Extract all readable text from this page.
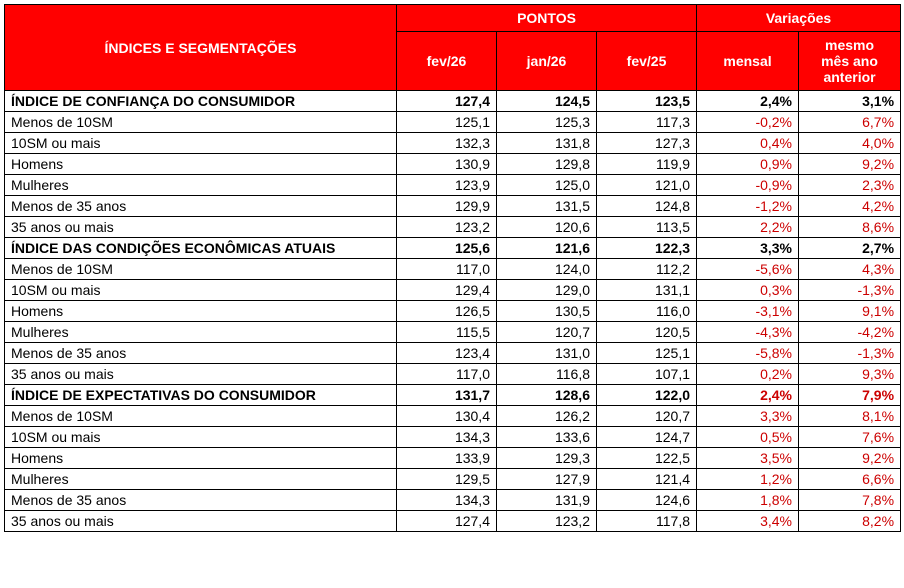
ÍNDICES E SEGMENTAÇÕES	PONTOS			Variações	
	fev/26	jan/26	fev/25	mensal	mesmo
mês ano
anterior

ÍNDICE DE CONFIANÇA DO CONSUMIDOR	127,4	124,5	123,5	2,4%	3,1%
Menos de 10SM	125,1	125,3	117,3	-0,2%	6,7%
10SM ou mais	132,3	131,8	127,3	0,4%	4,0%
Homens	130,9	129,8	119,9	0,9%	9,2%
Mulheres	123,9	125,0	121,0	-0,9%	2,3%
Menos de 35 anos	129,9	131,5	124,8	-1,2%	4,2%
35 anos ou mais	123,2	120,6	113,5	2,2%	8,6%
ÍNDICE DAS CONDIÇÕES ECONÔMICAS ATUAIS	125,6	121,6	122,3	3,3%	2,7%
Menos de 10SM	117,0	124,0	112,2	-5,6%	4,3%
10SM ou mais	129,4	129,0	131,1	0,3%	-1,3%
Homens	126,5	130,5	116,0	-3,1%	9,1%
Mulheres	115,5	120,7	120,5	-4,3%	-4,2%
Menos de 35 anos	123,4	131,0	125,1	-5,8%	-1,3%
35 anos ou mais	117,0	116,8	107,1	0,2%	9,3%
ÍNDICE DE EXPECTATIVAS DO CONSUMIDOR	131,7	128,6	122,0	2,4%	7,9%
Menos de 10SM	130,4	126,2	120,7	3,3%	8,1%
10SM ou mais	134,3	133,6	124,7	0,5%	7,6%
Homens	133,9	129,3	122,5	3,5%	9,2%
Mulheres	129,5	127,9	121,4	1,2%	6,6%
Menos de 35 anos	134,3	131,9	124,6	1,8%	7,8%
35 anos ou mais	127,4	123,2	117,8	3,4%	8,2%
